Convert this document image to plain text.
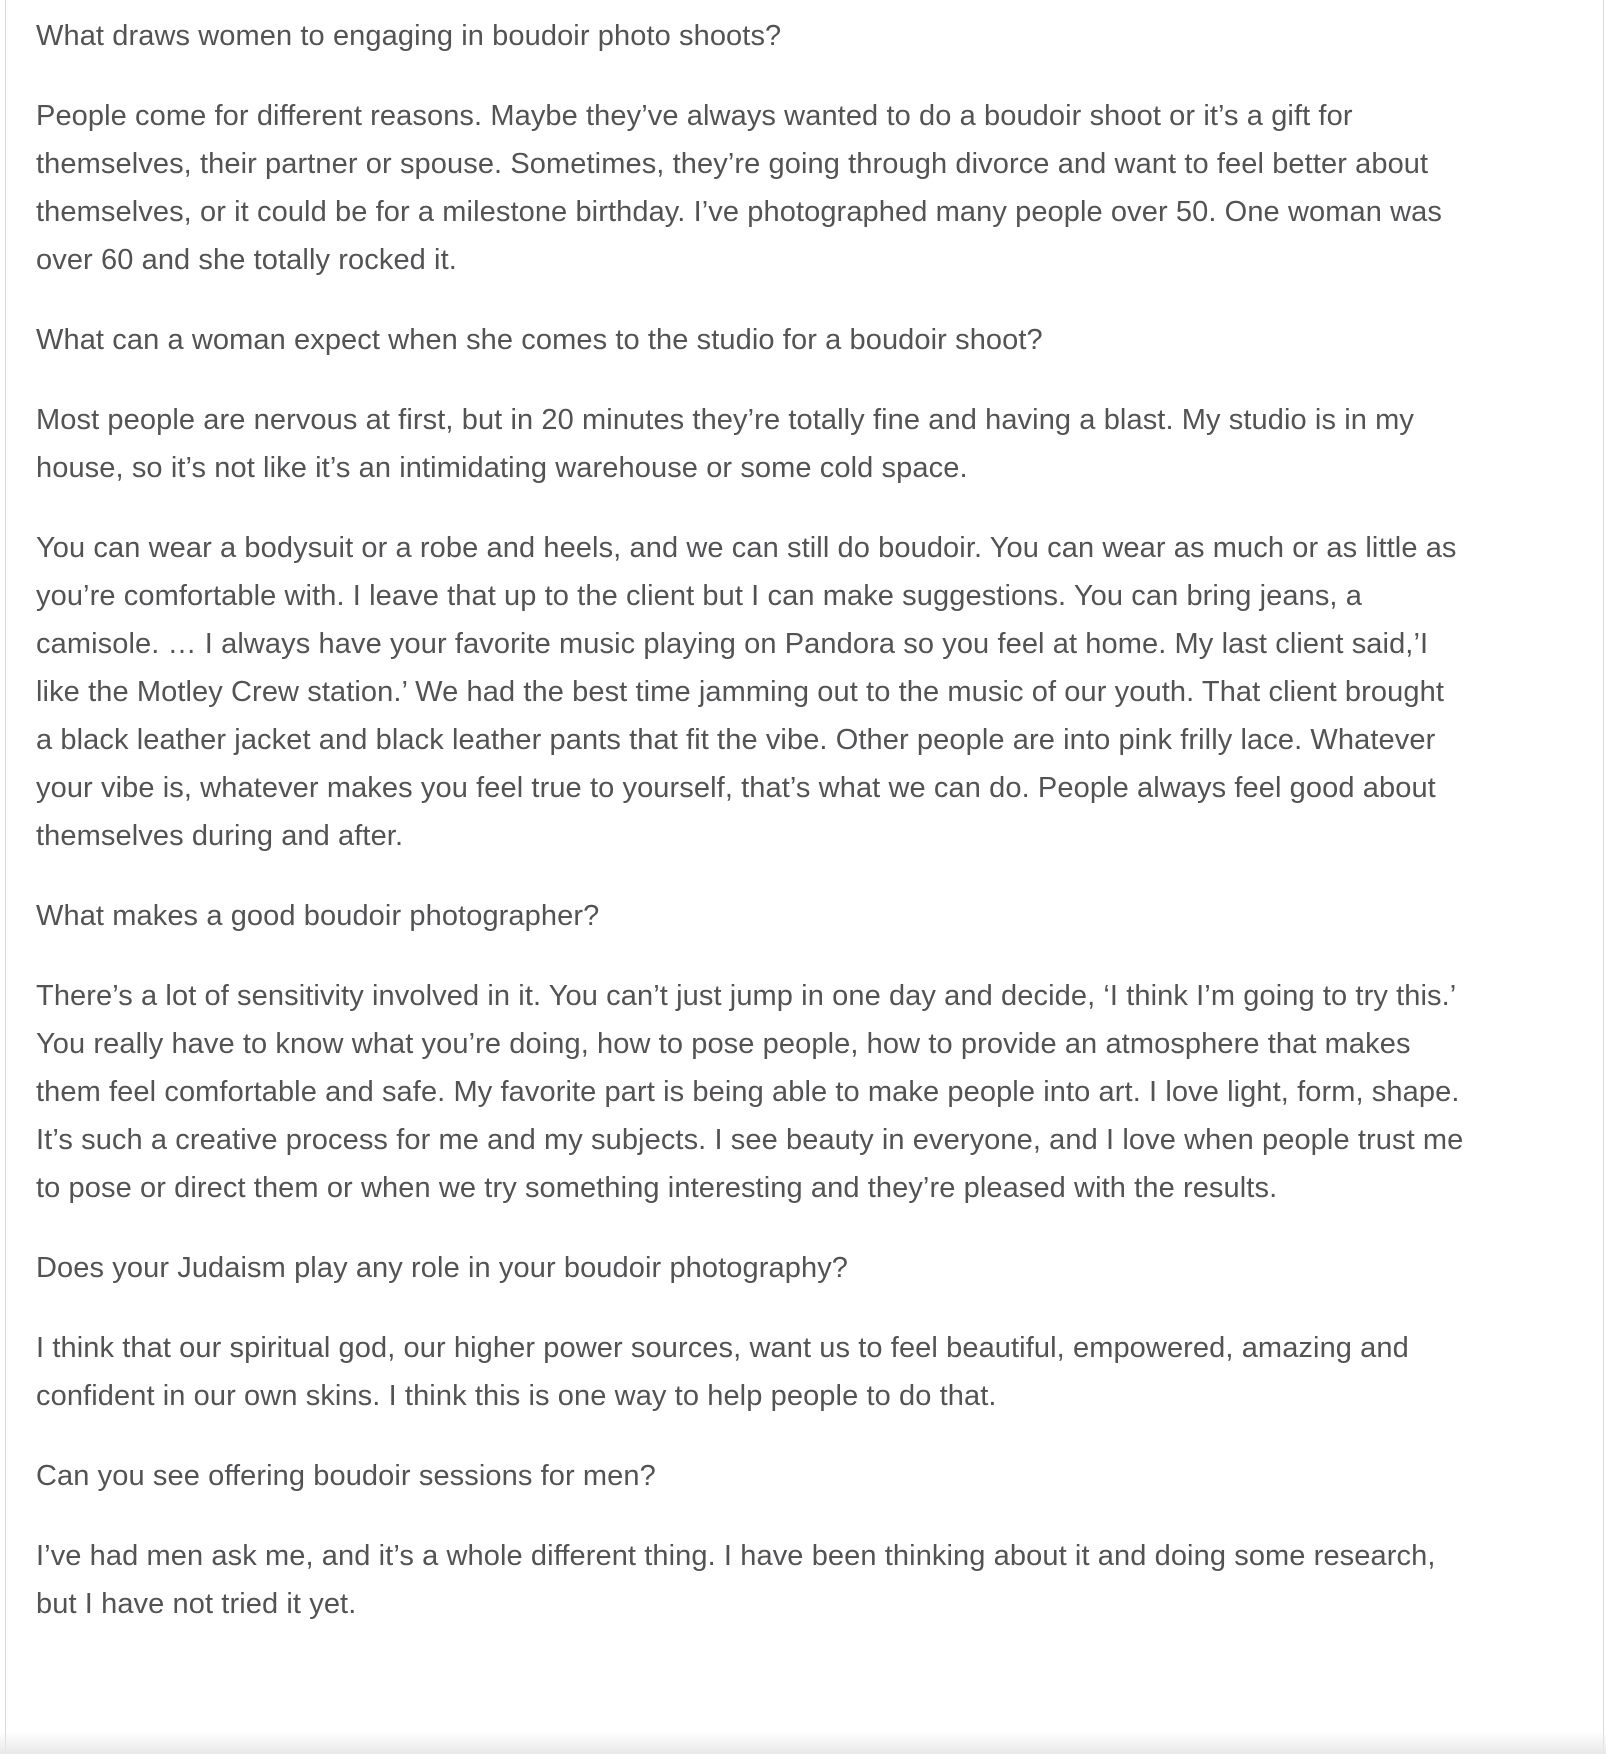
What draws women to engaging in boudoir photo shoots?

People come for different reasons. Maybe they’ve always wanted to do a boudoir shoot or it’s a gift for themselves, their partner or spouse. Sometimes, they’re going through divorce and want to feel better about themselves, or it could be for a milestone birthday. I’ve photographed many people over 50. One woman was over 60 and she totally rocked it.

What can a woman expect when she comes to the studio for a boudoir shoot?

Most people are nervous at first, but in 20 minutes they’re totally fine and having a blast. My studio is in my house, so it’s not like it’s an intimidating warehouse or some cold space.

You can wear a bodysuit or a robe and heels, and we can still do boudoir. You can wear as much or as little as you’re comfortable with. I leave that up to the client but I can make suggestions. You can bring jeans, a camisole. … I always have your favorite music playing on Pandora so you feel at home. My last client said,’I like the Motley Crew station.’ We had the best time jamming out to the music of our youth. That client brought a black leather jacket and black leather pants that fit the vibe. Other people are into pink frilly lace. Whatever your vibe is, whatever makes you feel true to yourself, that’s what we can do. People always feel good about themselves during and after.

What makes a good boudoir photographer?

There’s a lot of sensitivity involved in it. You can’t just jump in one day and decide, ‘I think I’m going to try this.’ You really have to know what you’re doing, how to pose people, how to provide an atmosphere that makes them feel comfortable and safe. My favorite part is being able to make people into art. I love light, form, shape. It’s such a creative process for me and my subjects. I see beauty in everyone, and I love when people trust me to pose or direct them or when we try something interesting and they’re pleased with the results.

Does your Judaism play any role in your boudoir photography?

I think that our spiritual god, our higher power sources, want us to feel beautiful, empowered, amazing and confident in our own skins. I think this is one way to help people to do that.

Can you see offering boudoir sessions for men?

I’ve had men ask me, and it’s a whole different thing. I have been thinking about it and doing some research, but I have not tried it yet.
